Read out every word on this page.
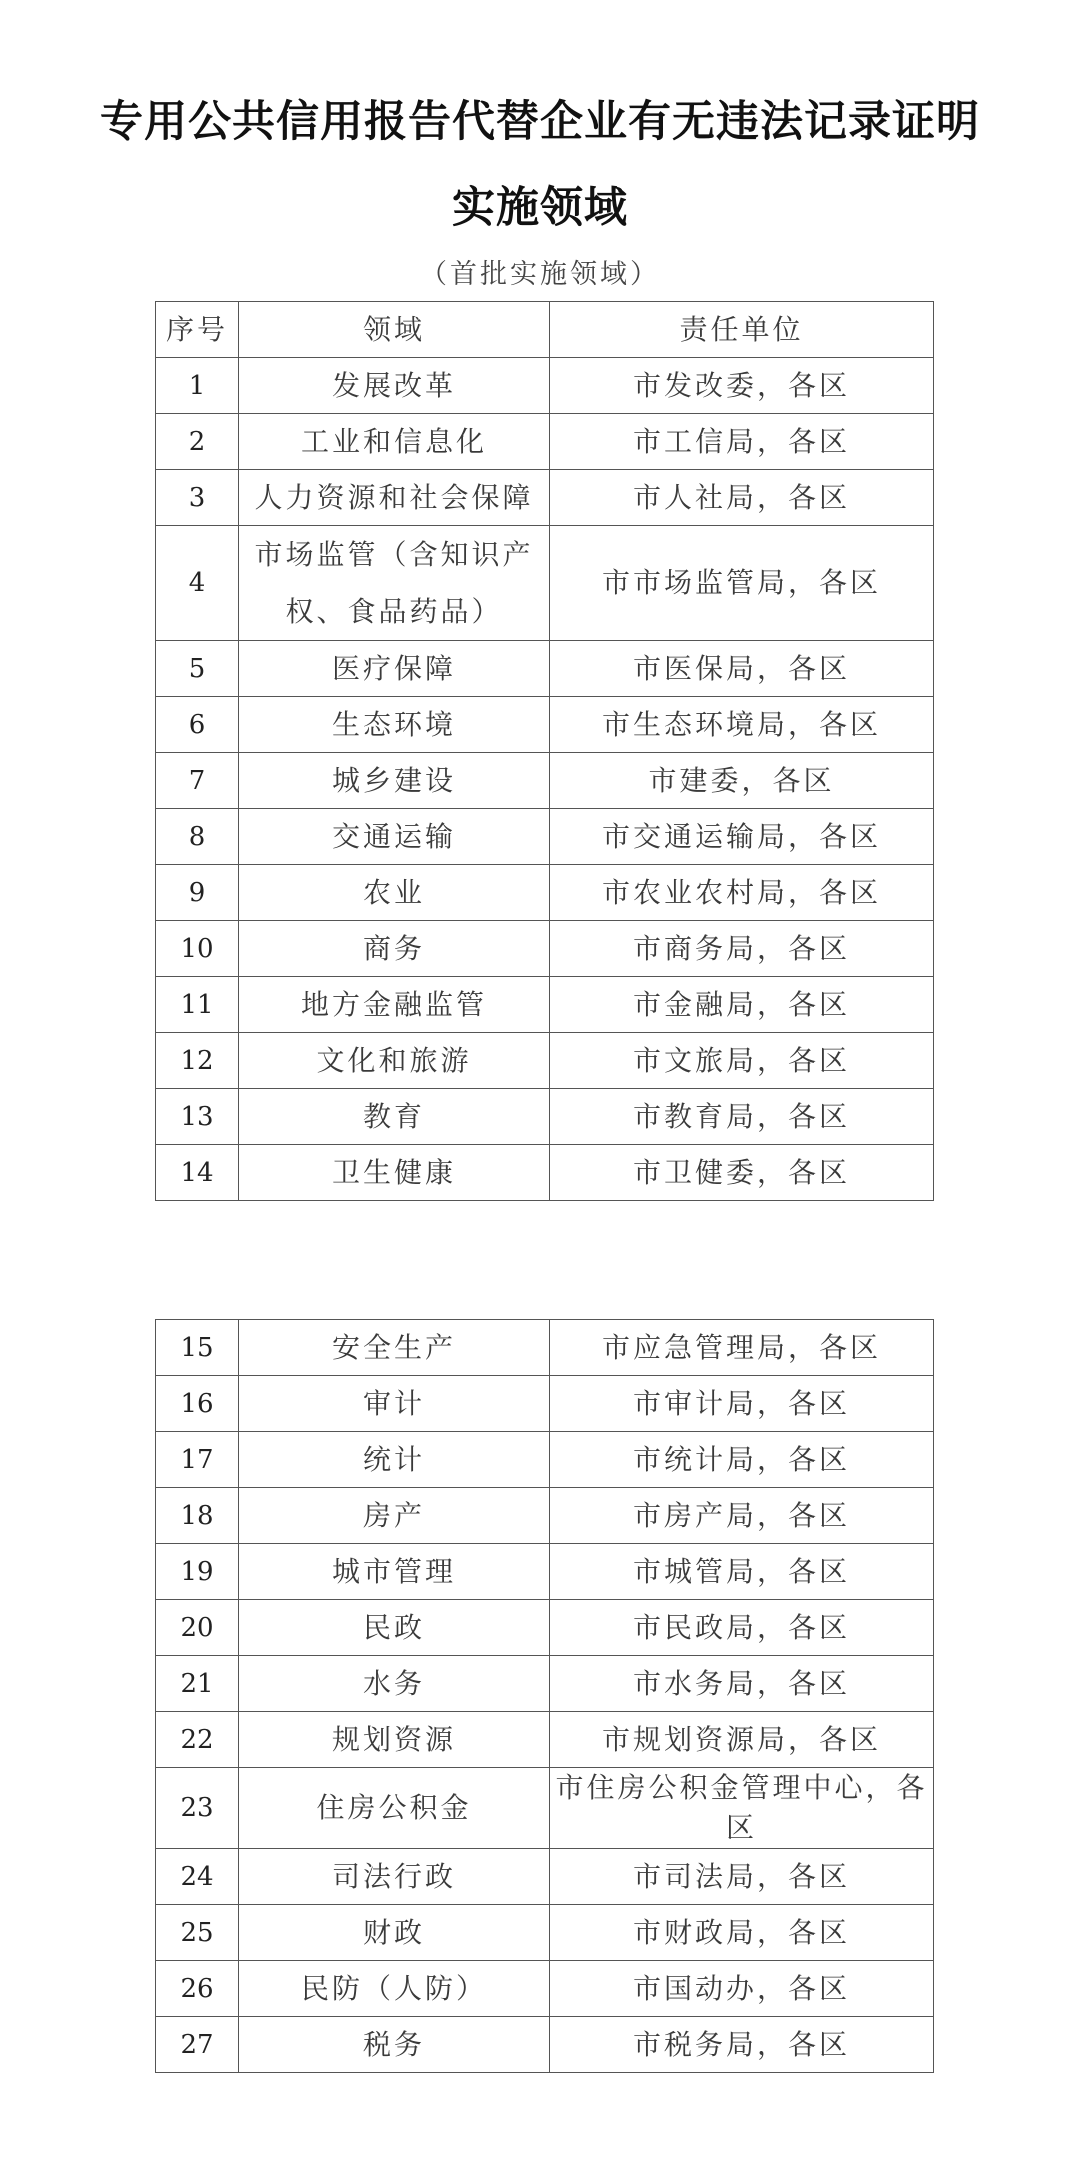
专用公共信用报告代替企业有无违法记录证明
实施领域
（首批实施领域）
序号	领域	责任单位
1	发展改革	市发改委，各区
2	工业和信息化	市工信局，各区
3	人力资源和社会保障	市人社局，各区
4	市场监管（含知识产权、食品药品）	市市场监管局，各区
5	医疗保障	市医保局，各区
6	生态环境	市生态环境局，各区
7	城乡建设	市建委，各区
8	交通运输	市交通运输局，各区
9	农业	市农业农村局，各区
10	商务	市商务局，各区
11	地方金融监管	市金融局，各区
12	文化和旅游	市文旅局，各区
13	教育	市教育局，各区
14	卫生健康	市卫健委，各区
15	安全生产	市应急管理局，各区
16	审计	市审计局，各区
17	统计	市统计局，各区
18	房产	市房产局，各区
19	城市管理	市城管局，各区
20	民政	市民政局，各区
21	水务	市水务局，各区
22	规划资源	市规划资源局，各区
23	住房公积金	市住房公积金管理中心，各区
24	司法行政	市司法局，各区
25	财政	市财政局，各区
26	民防（人防）	市国动办，各区
27	税务	市税务局，各区
